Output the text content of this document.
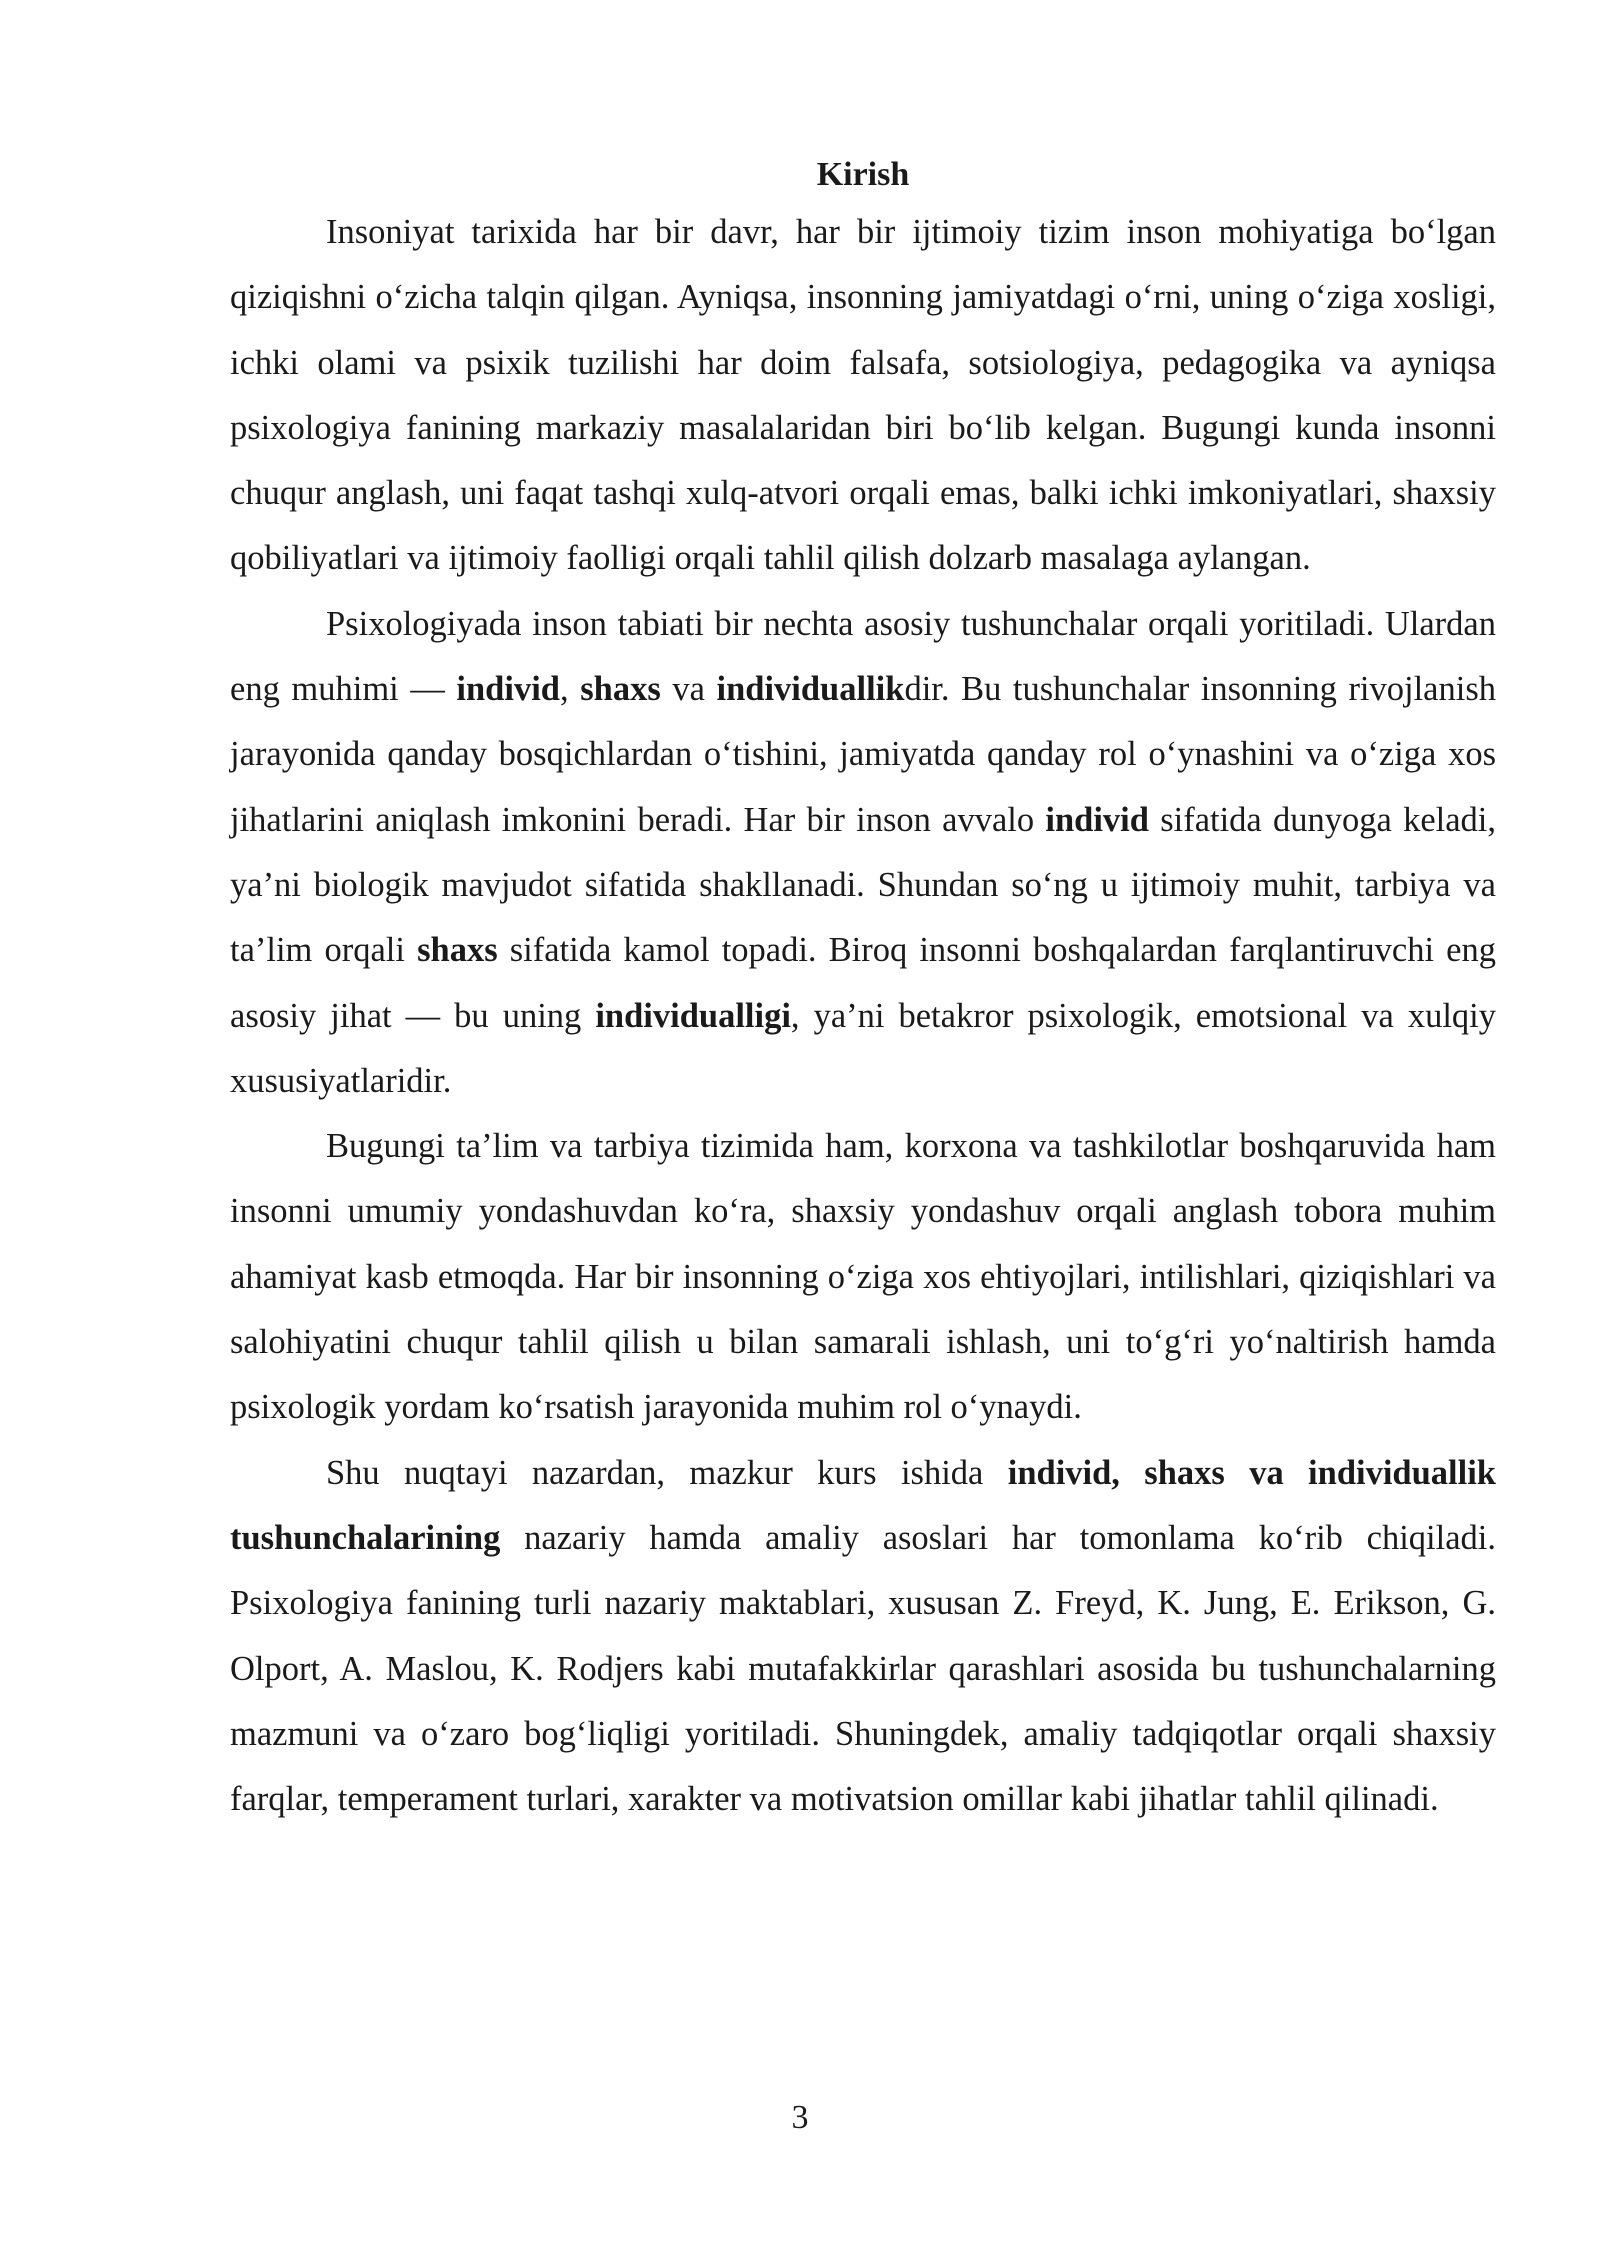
Kirish

Insoniyat tarixida har bir davr, har bir ijtimoiy tizim inson mohiyatiga bo‘lgan qiziqishni o‘zicha talqin qilgan. Ayniqsa, insonning jamiyatdagi o‘rni, uning o‘ziga xosligi, ichki olami va psixik tuzilishi har doim falsafa, sotsiologiya, pedagogika va ayniqsa psixologiya fanining markaziy masalalaridan biri bo‘lib kelgan. Bugungi kunda insonni chuqur anglash, uni faqat tashqi xulq-atvori orqali emas, balki ichki imkoniyatlari, shaxsiy qobiliyatlari va ijtimoiy faolligi orqali tahlil qilish dolzarb masalaga aylangan.

Psixologiyada inson tabiati bir nechta asosiy tushunchalar orqali yoritiladi. Ulardan eng muhimi — individ, shaxs va individuallikdir. Bu tushunchalar insonning rivojlanish jarayonida qanday bosqichlardan o‘tishini, jamiyatda qanday rol o‘ynashini va o‘ziga xos jihatlarini aniqlash imkonini beradi. Har bir inson avvalo individ sifatida dunyoga keladi, ya’ni biologik mavjudot sifatida shakllanadi. Shundan so‘ng u ijtimoiy muhit, tarbiya va ta’lim orqali shaxs sifatida kamol topadi. Biroq insonni boshqalardan farqlantiruvchi eng asosiy jihat — bu uning individualligi, ya’ni betakror psixologik, emotsional va xulqiy xususiyatlaridir.

Bugungi ta’lim va tarbiya tizimida ham, korxona va tashkilotlar boshqaruvida ham insonni umumiy yondashuvdan ko‘ra, shaxsiy yondashuv orqali anglash tobora muhim ahamiyat kasb etmoqda. Har bir insonning o‘ziga xos ehtiyojlari, intilishlari, qiziqishlari va salohiyatini chuqur tahlil qilish u bilan samarali ishlash, uni to‘g‘ri yo‘naltirish hamda psixologik yordam ko‘rsatish jarayonida muhim rol o‘ynaydi.

Shu nuqtayi nazardan, mazkur kurs ishida individ, shaxs va individuallik tushunchalarining nazariy hamda amaliy asoslari har tomonlama ko‘rib chiqiladi. Psixologiya fanining turli nazariy maktablari, xususan Z. Freyd, K. Jung, E. Erikson, G. Olport, A. Maslou, K. Rodjers kabi mutafakkirlar qarashlari asosida bu tushunchalarning mazmuni va o‘zaro bog‘liqligi yoritiladi. Shuningdek, amaliy tadqiqotlar orqali shaxsiy farqlar, temperament turlari, xarakter va motivatsion omillar kabi jihatlar tahlil qilinadi.

3
